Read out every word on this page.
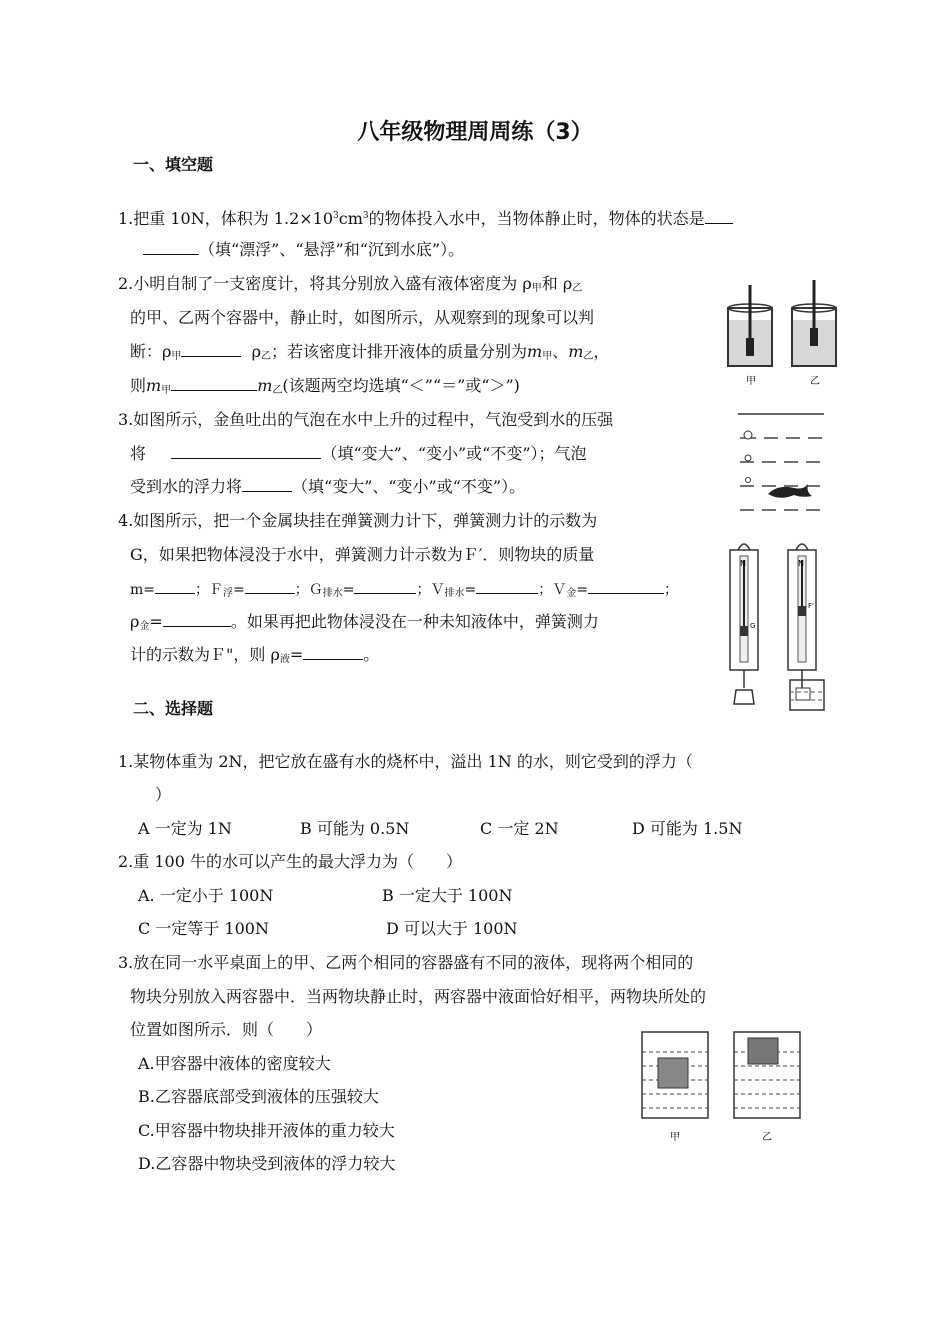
八年级物理周周练（3）
一、填空题
1.把重 10N，体积为 $1.2\times 10^3cm^3$的物体投入水中，当物体静止时，物体的状态是
（填“漂浮”、“悬浮”和“沉到水底”）。
2.小明自制了一支密度计，将其分别放入盛有液体密度为 $\rho_甲$和 $\rho_乙$
的甲、乙两个容器中，静止时，如图所示，从观察到的现象可以判
断：$\rho_甲$	$\rho_乙$；若该密度计排开液体的质量分别为$m_甲$、$m_乙$，
则$m_甲$	$m_乙$(该题两空均选填“＜”“＝”或“＞”)
3.如图所示，金鱼吐出的气泡在水中上升的过程中，气泡受到水的压强
将	（填“变大”、“变小”或“不变”）；气泡
受到水的浮力将	（填“变大”、“变小”或“不变”）。
4.如图所示，把一个金属块挂在弹簧测力计下，弹簧测力计的示数为
G，如果把物体浸没于水中，弹簧测力计示数为Ｆ′．则物块的质量
m=	；Ｆ$_浮$=	；Ｇ$_{排水}$=	；Ｖ$_{排水}$=	；Ｖ$_金$=	；
$\rho_金=$	。如果再把此物体浸没在一种未知液体中，弹簧测力
计的示数为Ｆ"，则 $\rho_液=$	。
二、选择题
1.某物体重为 2N，把它放在盛有水的烧杯中，溢出 1N 的水，则它受到的浮力（
）
A 一定为 1N	B 可能为 0.5N	C 一定 2N	D 可能为 1.5N
2.重 100 牛的水可以产生的最大浮力为（　　）
A. 一定小于 100N	B 一定大于 100N
C 一定等于 100N	D 可以大于 100N
3.放在同一水平桌面上的甲、乙两个相同的容器盛有不同的液体，现将两个相同的
物块分别放入两容器中．当两物块静止时，两容器中液面恰好相平，两物块所处的
位置如图所示．则（　　）
A.甲容器中液体的密度较大
B.乙容器底部受到液体的压强较大
C.甲容器中物块排开液体的重力较大
D.乙容器中物块受到液体的浮力较大
甲	乙
N
G
N
F'
甲	乙
